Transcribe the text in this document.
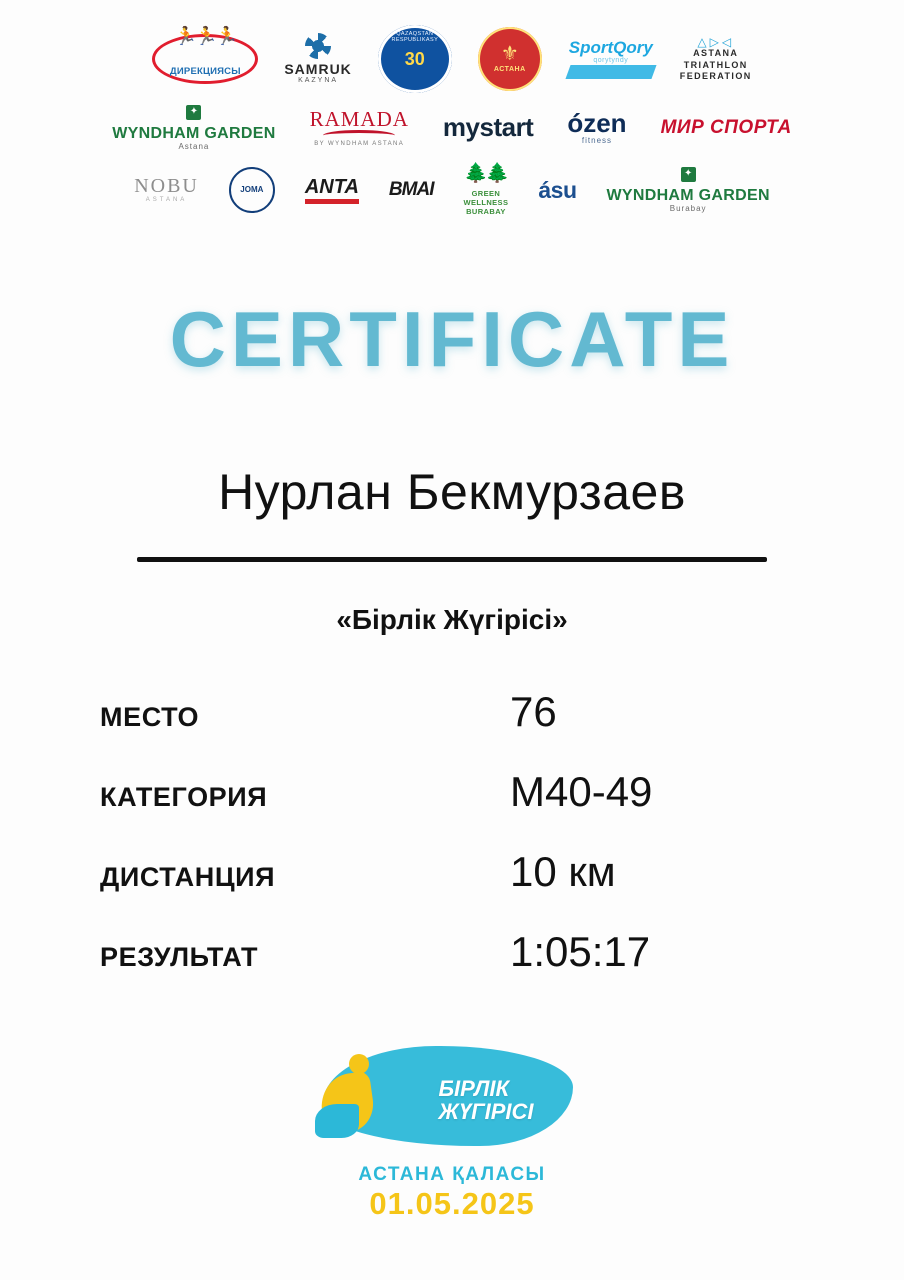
🏃🏃🏃
ДИРЕКЦИЯСЫ	SAMRUK
KAZYNA
QAZAQSTAN RESPUBLIKASY
30	⚜
АСТАНА
SportQory
qorytyndy
△▷◁
ASTANA
TRIATHLON
FEDERATION
✦
WYNDHAM GARDEN
Astana
RAMADA
BY WYNDHAM ASTANA
mystart ózen
fitness
МИР СПОРТА
NOBU
ASTANA
JOMA	ANTA BMAI
🌲🌲
GREEN
WELLNESS
BURABAY
ásu
✦
WYNDHAM GARDEN
Burabay
CERTIFICATE
Нурлан Бекмурзаев
«Бірлік Жүгірісі»
МЕСТО	76
КАТЕГОРИЯ	M40-49
ДИСТАНЦИЯ	10 км
РЕЗУЛЬТАТ	1:05:17
БІРЛІК
ЖҮГІРІСІ
АСТАНА ҚАЛАСЫ
01.05.2025
